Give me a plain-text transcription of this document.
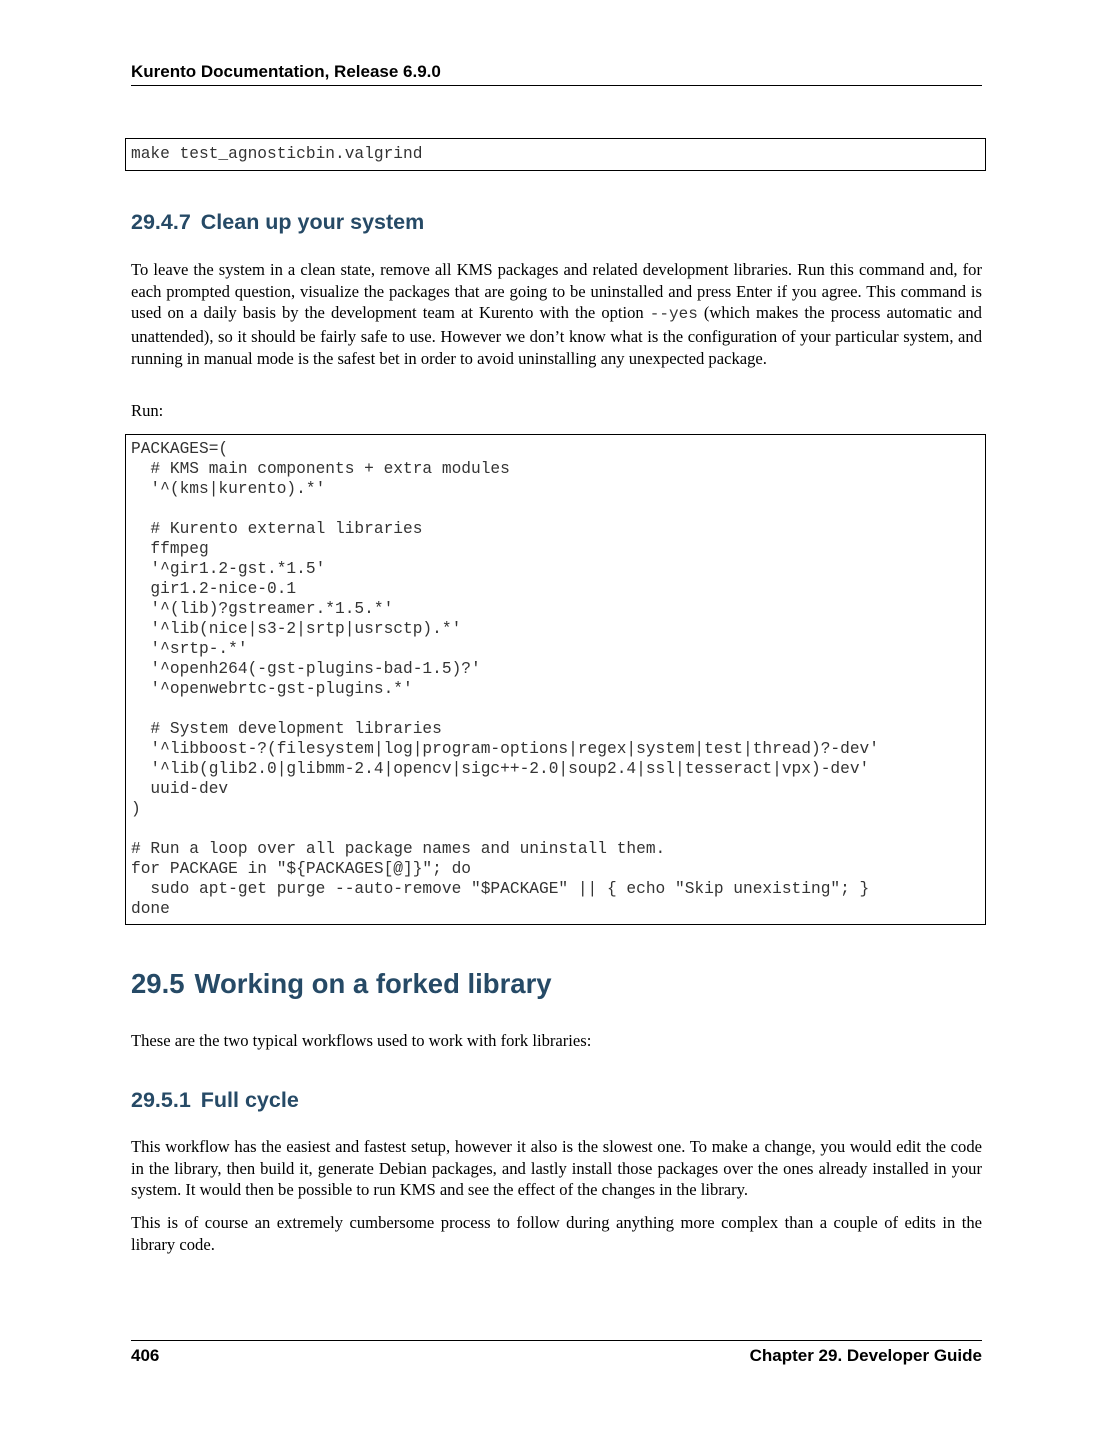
Kurento Documentation, Release 6.9.0
make test_agnosticbin.valgrind
29.4.7 Clean up your system

To leave the system in a clean state, remove all KMS packages and related development libraries. Run this command and, for each prompted question, visualize the packages that are going to be uninstalled and press Enter if you agree. This command is used on a daily basis by the development team at Kurento with the option --yes (which makes the process automatic and unattended), so it should be fairly safe to use. However we don’t know what is the configuration of your particular system, and running in manual mode is the safest bet in order to avoid uninstalling any unexpected package.

Run:

PACKAGES=(
# KMS main components + extra modules
'^(kms|kurento).*'
# Kurento external libraries
ffmpeg
'^gir1.2-gst.*1.5'
gir1.2-nice-0.1
'^(lib)?gstreamer.*1.5.*'
'^lib(nice|s3-2|srtp|usrsctp).*'
'^srtp-.*'
'^openh264(-gst-plugins-bad-1.5)?'
'^openwebrtc-gst-plugins.*'
# System development libraries
'^libboost-?(filesystem|log|program-options|regex|system|test|thread)?-dev'
'^lib(glib2.0|glibmm-2.4|opencv|sigc++-2.0|soup2.4|ssl|tesseract|vpx)-dev'
uuid-dev
)
# Run a loop over all package names and uninstall them.
for PACKAGE in "${PACKAGES[@]}"; do
sudo apt-get purge --auto-remove "$PACKAGE" || { echo "Skip unexisting"; }
done
29.5 Working on a forked library

These are the two typical workflows used to work with fork libraries:

29.5.1 Full cycle

This workflow has the easiest and fastest setup, however it also is the slowest one. To make a change, you would edit the code in the library, then build it, generate Debian packages, and lastly install those packages over the ones already installed in your system. It would then be possible to run KMS and see the effect of the changes in the library.

This is of course an extremely cumbersome process to follow during anything more complex than a couple of edits in the library code.

406	Chapter 29. Developer Guide
